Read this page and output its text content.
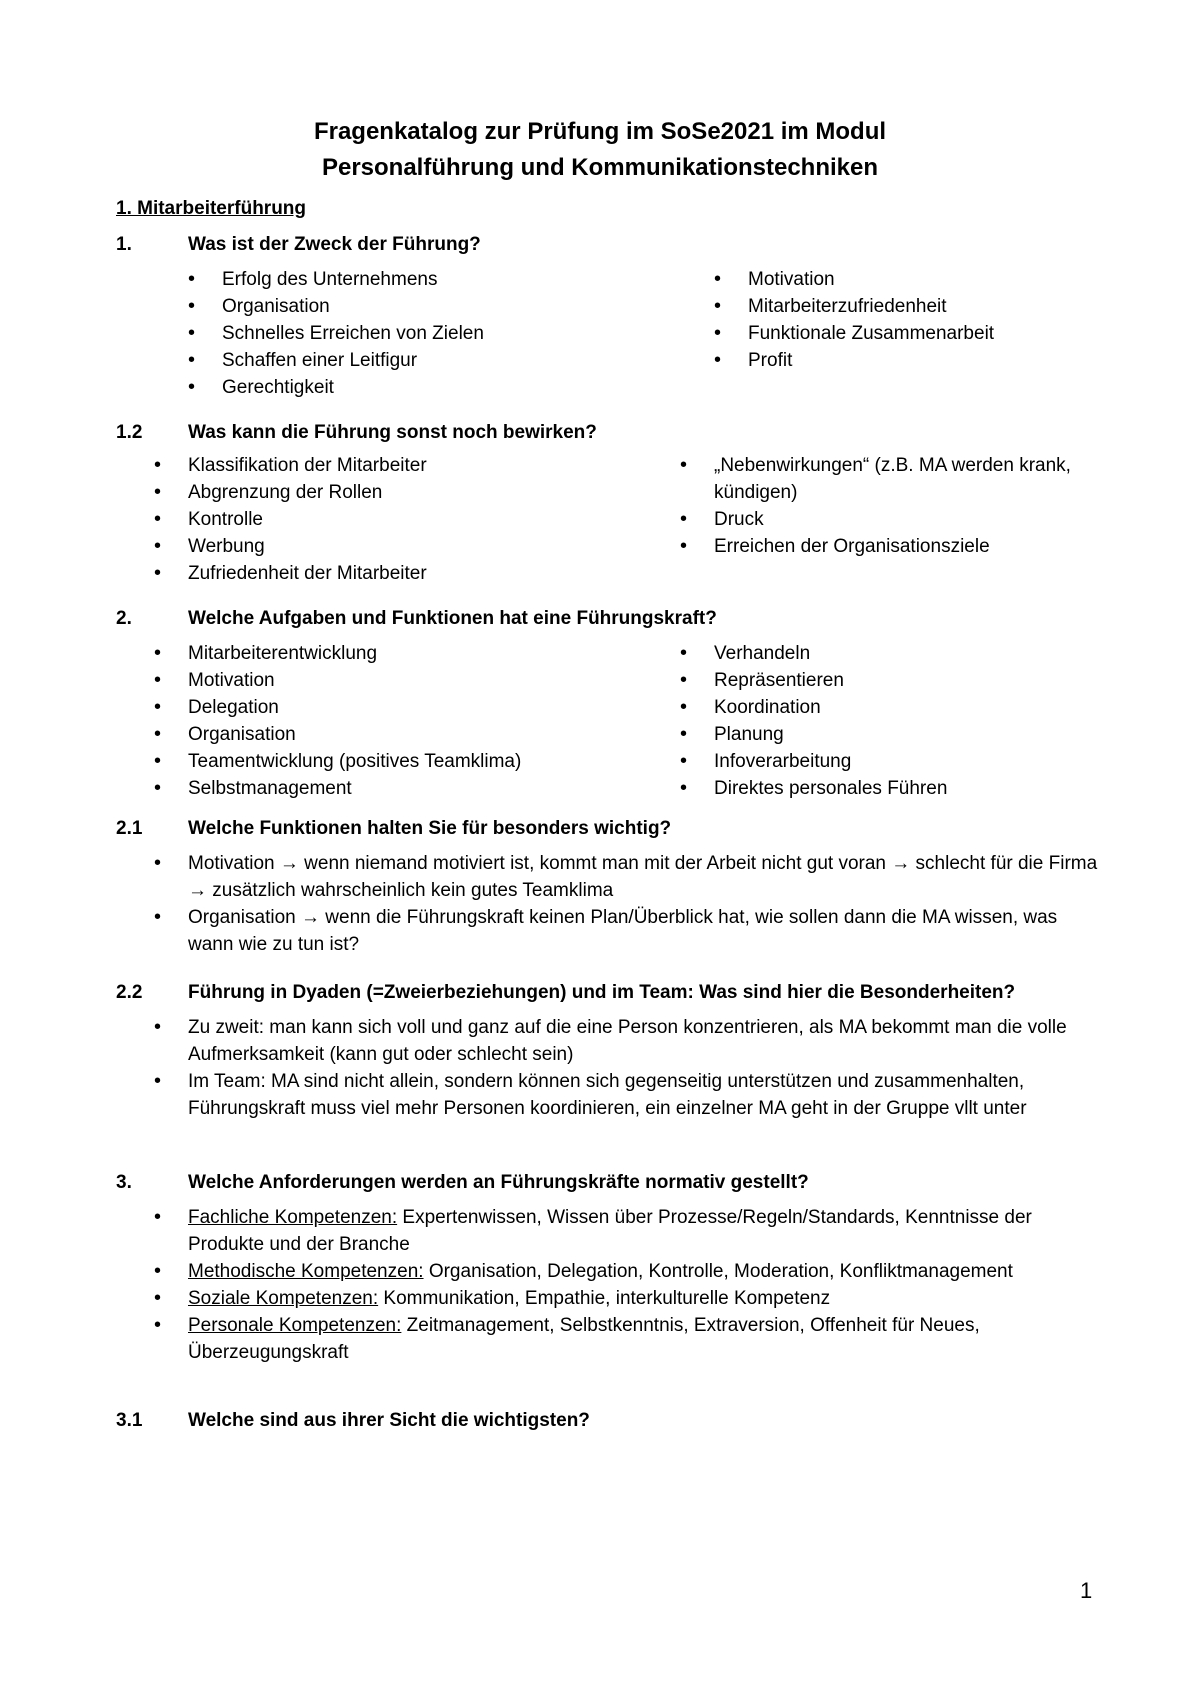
Fragenkatalog zur Prüfung im SoSe2021 im Modul
Personalführung und Kommunikationstechniken
1. Mitarbeiterführung
1.	Was ist der Zweck der Führung?
• Erfolg des Unternehmens
• Organisation
• Schnelles Erreichen von Zielen
• Schaffen einer Leitfigur
• Gerechtigkeit
• Motivation
• Mitarbeiterzufriedenheit
• Funktionale Zusammenarbeit
• Profit
1.2 Was kann die Führung sonst noch bewirken?
• Klassifikation der Mitarbeiter
• Abgrenzung der Rollen
• Kontrolle
• Werbung
• Zufriedenheit der Mitarbeiter
• „Nebenwirkungen“ (z.B. MA werden krank, kündigen)
• Druck
• Erreichen der Organisationsziele
2.	Welche Aufgaben und Funktionen hat eine Führungskraft?
• Mitarbeiterentwicklung
• Motivation
• Delegation
• Organisation
• Teamentwicklung (positives Teamklima)
• Selbstmanagement
• Verhandeln
• Repräsentieren
• Koordination
• Planung
• Infoverarbeitung
• Direktes personales Führen
2.1 Welche Funktionen halten Sie für besonders wichtig?
• Motivation → wenn niemand motiviert ist, kommt man mit der Arbeit nicht gut voran → schlecht für die Firma → zusätzlich wahrscheinlich kein gutes Teamklima
• Organisation → wenn die Führungskraft keinen Plan/Überblick hat, wie sollen dann die MA wissen, was wann wie zu tun ist?
2.2 Führung in Dyaden (=Zweierbeziehungen) und im Team: Was sind hier die Besonderheiten?
• Zu zweit: man kann sich voll und ganz auf die eine Person konzentrieren, als MA bekommt man die volle Aufmerksamkeit (kann gut oder schlecht sein)
• Im Team: MA sind nicht allein, sondern können sich gegenseitig unterstützen und zusammenhalten, Führungskraft muss viel mehr Personen koordinieren, ein einzelner MA geht in der Gruppe vllt unter
3.	Welche Anforderungen werden an Führungskräfte normativ gestellt?
• Fachliche Kompetenzen: Expertenwissen, Wissen über Prozesse/Regeln/Standards, Kenntnisse der Produkte und der Branche
• Methodische Kompetenzen: Organisation, Delegation, Kontrolle, Moderation, Konfliktmanagement
• Soziale Kompetenzen: Kommunikation, Empathie, interkulturelle Kompetenz
• Personale Kompetenzen: Zeitmanagement, Selbstkenntnis, Extraversion, Offenheit für Neues, Überzeugungskraft
3.1 Welche sind aus ihrer Sicht die wichtigsten?
1
